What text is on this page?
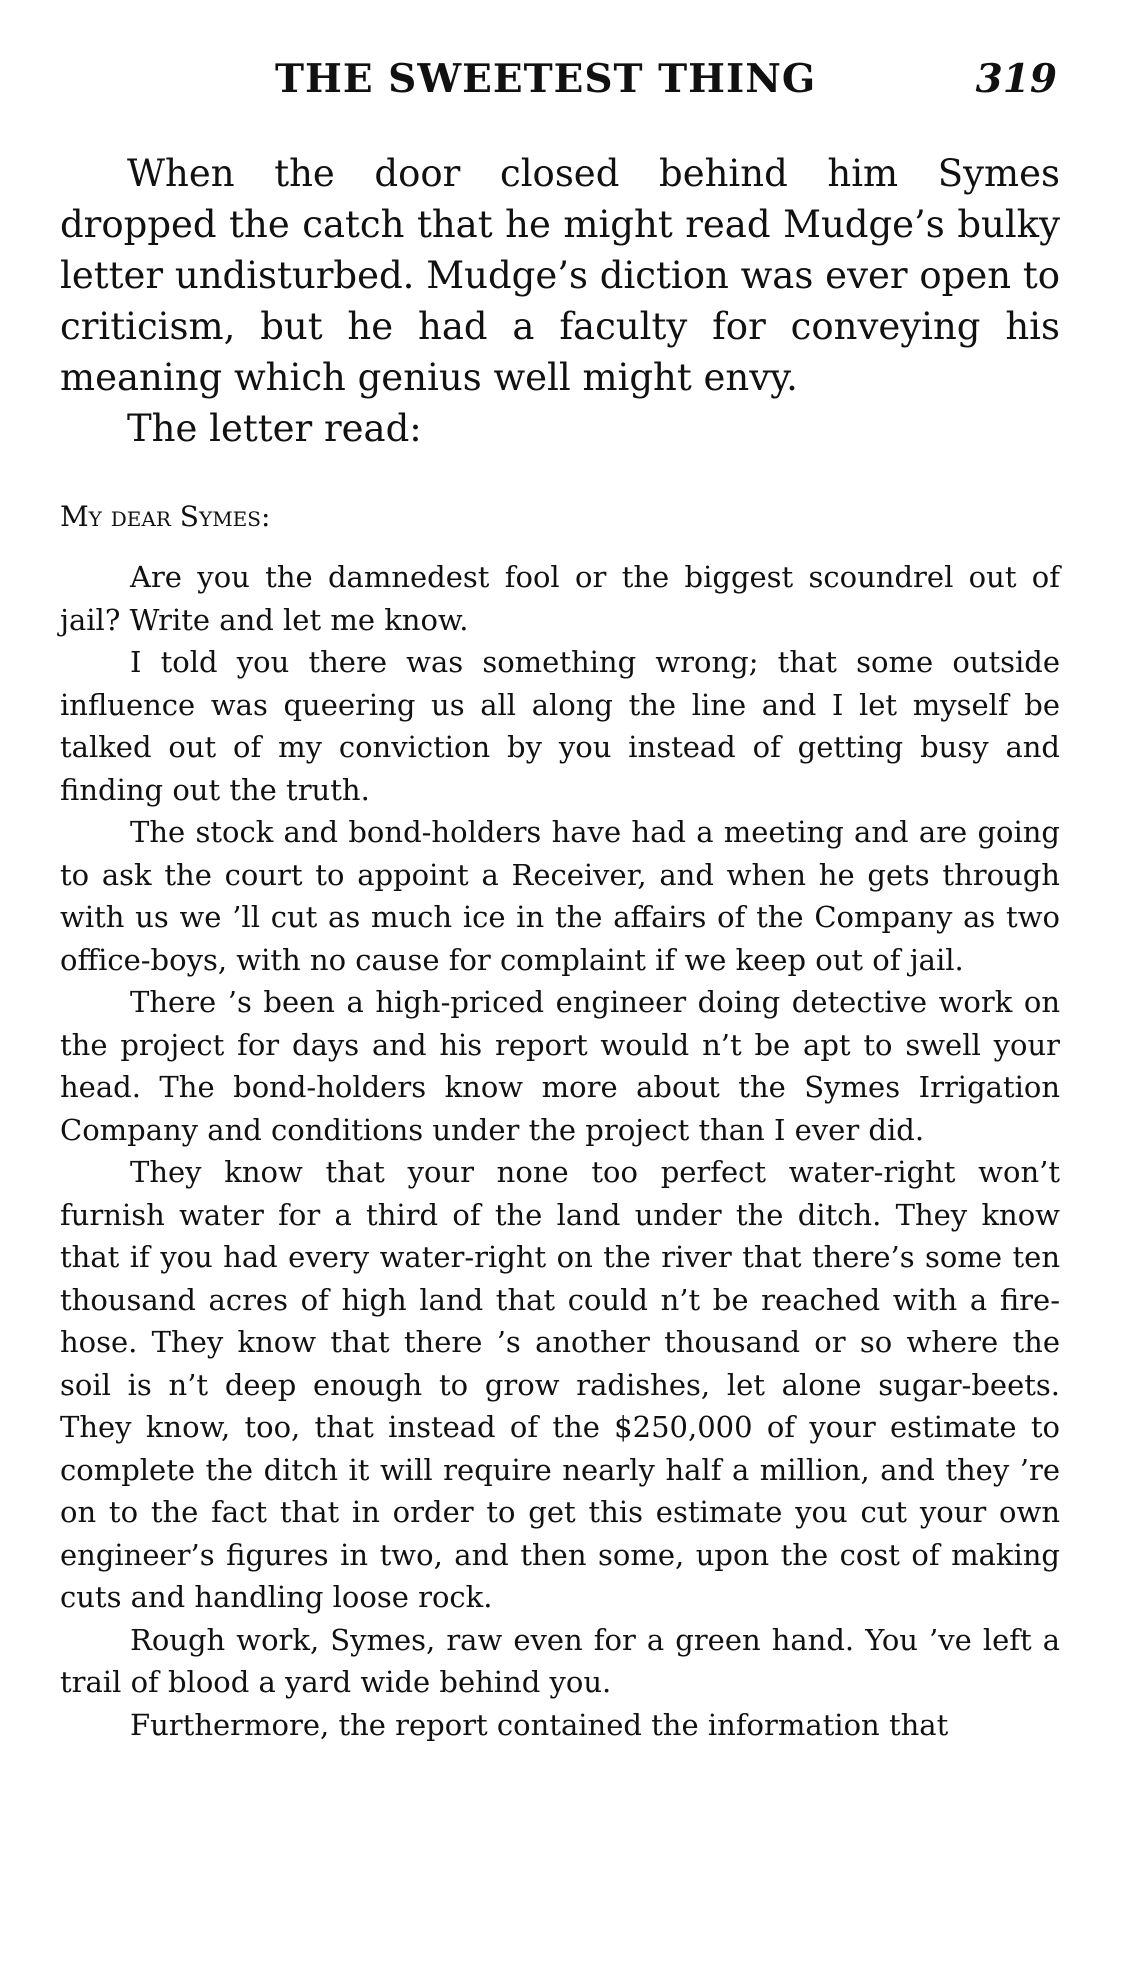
THE SWEETEST THING	319

When the door closed behind him Symes dropped the catch that he might read Mudge’s bulky letter undisturbed. Mudge’s diction was ever open to criticism, but he had a faculty for conveying his meaning which genius well might envy.

The letter read:

My dear Symes:

Are you the damnedest fool or the biggest scoundrel out of jail? Write and let me know.

I told you there was something wrong; that some outside influence was queering us all along the line and I let myself be talked out of my conviction by you instead of getting busy and finding out the truth.

The stock and bond-holders have had a meeting and are going to ask the court to appoint a Receiver, and when he gets through with us we ’ll cut as much ice in the affairs of the Company as two office-boys, with no cause for complaint if we keep out of jail.

There ’s been a high-priced engineer doing detective work on the project for days and his report would n’t be apt to swell your head. The bond-holders know more about the Symes Irrigation Company and conditions under the project than I ever did.

They know that your none too perfect water-right won’t furnish water for a third of the land under the ditch. They know that if you had every water-right on the river that there’s some ten thousand acres of high land that could n’t be reached with a fire-hose. They know that there ’s another thousand or so where the soil is n’t deep enough to grow radishes, let alone sugar-beets. They know, too, that instead of the $250,000 of your estimate to complete the ditch it will require nearly half a million, and they ’re on to the fact that in order to get this estimate you cut your own engineer’s figures in two, and then some, upon the cost of making cuts and handling loose rock.

Rough work, Symes, raw even for a green hand. You ’ve left a trail of blood a yard wide behind you.

Furthermore, the report contained the information that
